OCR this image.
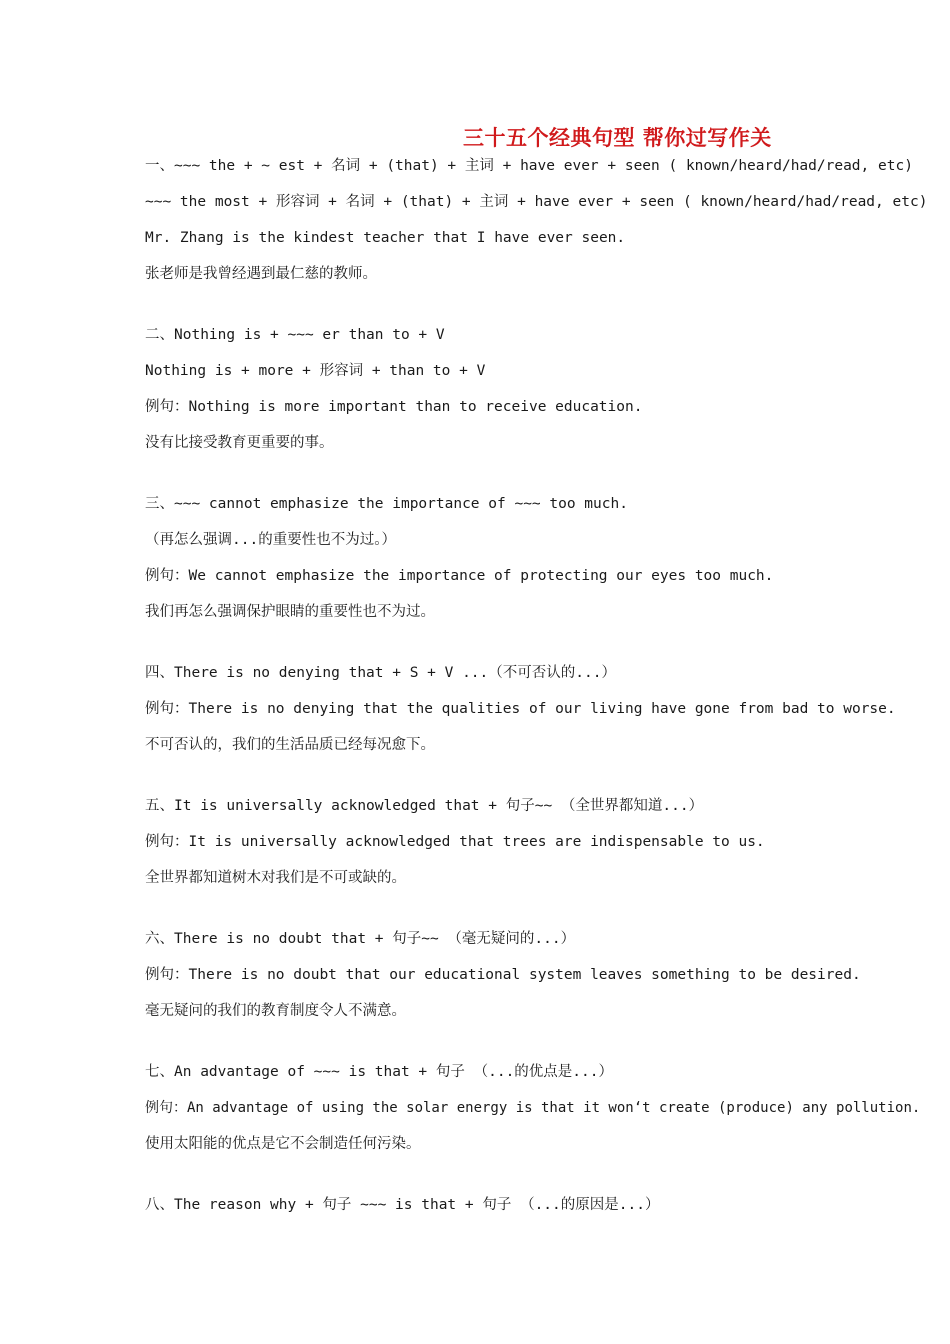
三十五个经典句型 帮你过写作关
一、~~~ the + ~ est + 名词 + (that) + 主词 + have ever + seen ( known/heard/had/read, etc)
~~~ the most + 形容词 + 名词 + (that) + 主词 + have ever + seen ( known/heard/had/read, etc)
Mr. Zhang is the kindest teacher that I have ever seen.
张老师是我曾经遇到最仁慈的教师。
二、Nothing is + ~~~ er than to + V
Nothing is + more + 形容词 + than to + V
例句：Nothing is more important than to receive education.
没有比接受教育更重要的事。
三、~~~ cannot emphasize the importance of ~~~ too much.
（再怎么强调...的重要性也不为过。）
例句：We cannot emphasize the importance of protecting our eyes too much.
我们再怎么强调保护眼睛的重要性也不为过。
四、There is no denying that + S + V ...（不可否认的...）
例句：There is no denying that the qualities of our living have gone from bad to worse.
不可否认的，我们的生活品质已经每况愈下。
五、It is universally acknowledged that + 句子~~ （全世界都知道...）
例句：It is universally acknowledged that trees are indispensable to us.
全世界都知道树木对我们是不可或缺的。
六、There is no doubt that + 句子~~ （毫无疑问的...）
例句：There is no doubt that our educational system leaves something to be desired.
毫无疑问的我们的教育制度令人不满意。
七、An advantage of ~~~ is that + 句子 （...的优点是...）
例句：An advantage of using the solar energy is that it won‘t create (produce) any pollution.
使用太阳能的优点是它不会制造任何污染。
八、The reason why + 句子 ~~~ is that + 句子 （...的原因是...）
